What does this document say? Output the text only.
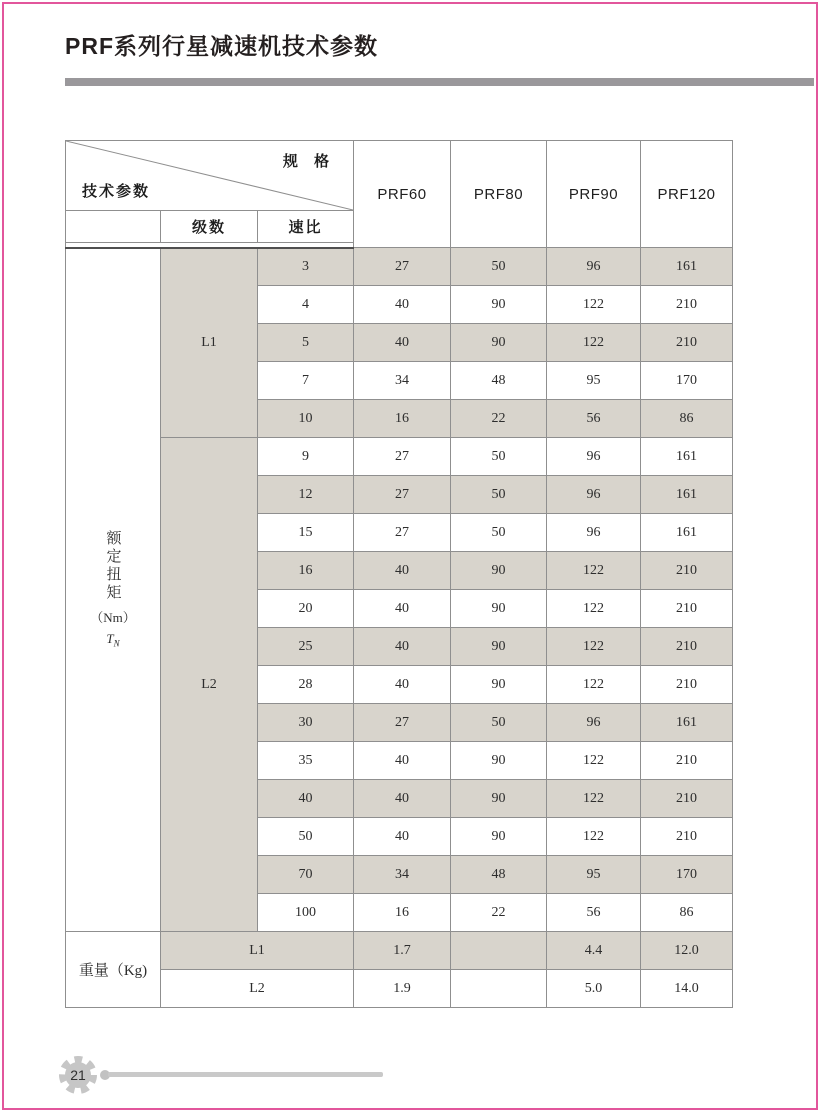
PRF系列行星减速机技术参数
规 格
技术参数			PRF60	PRF80	PRF90	PRF120
	级数	速比				

额定扭矩
（Nm）
$T_N$	L1	3	27	50	96	161
		4	40	90	122	210
		5	40	90	122	210
		7	34	48	95	170
		10	16	22	56	86
	L2	9	27	50	96	161
		12	27	50	96	161
		15	27	50	96	161
		16	40	90	122	210
		20	40	90	122	210
		25	40	90	122	210
		28	40	90	122	210
		30	27	50	96	161
		35	40	90	122	210
		40	40	90	122	210
		50	40	90	122	210
		70	34	48	95	170
		100	16	22	56	86
重量（Kg)	L1		1.7		4.4	12.0
	L2		1.9		5.0	14.0
21
